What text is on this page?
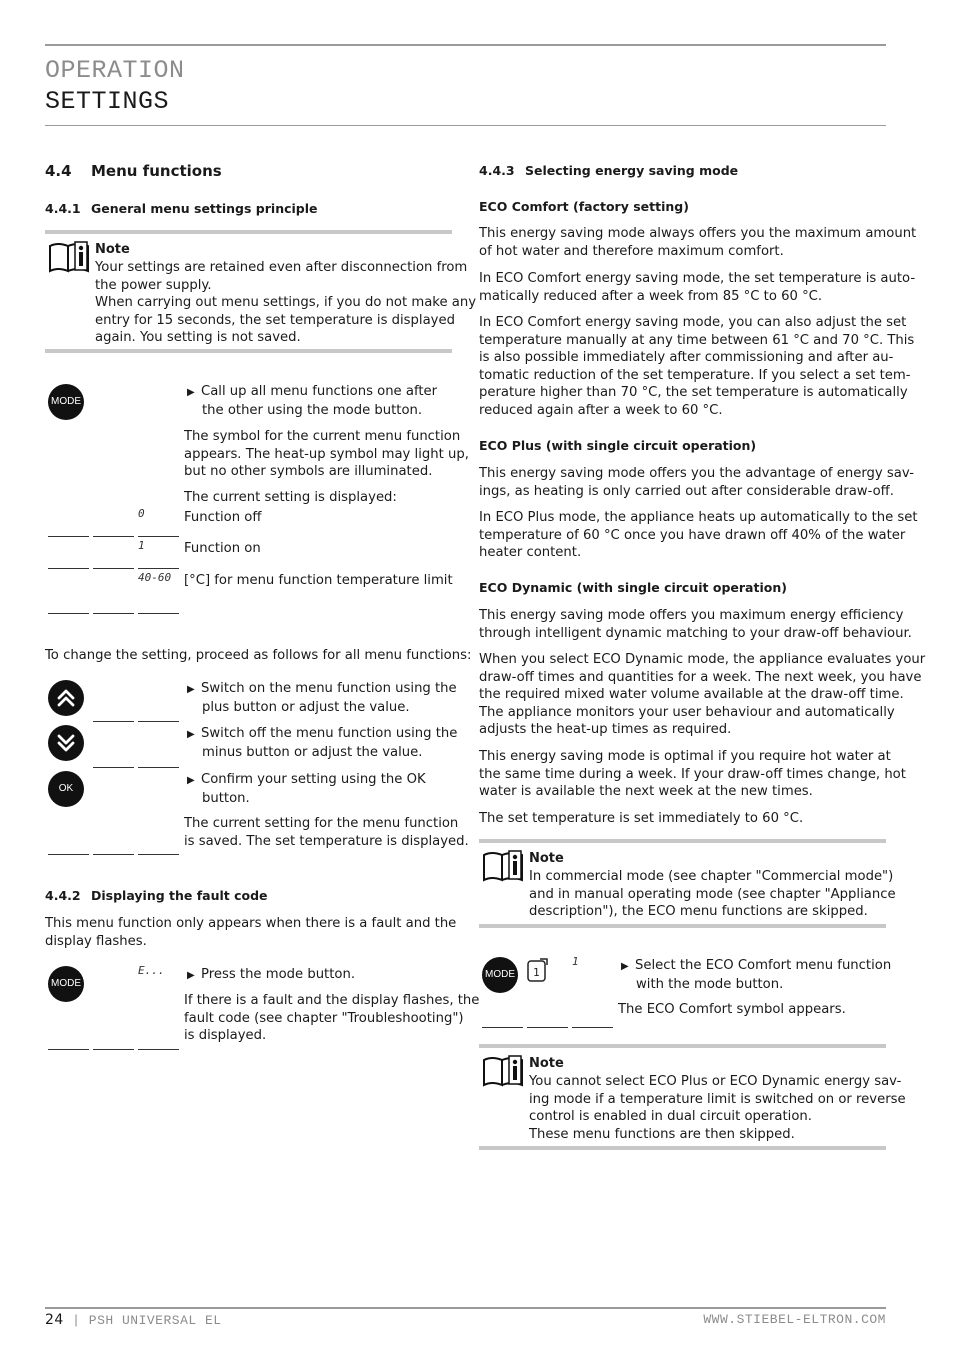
OPERATION
SETTINGS
4.4 Menu functions
4.4.1 General menu settings principle
Note
Your settings are retained even after disconnection from
the power supply.
When carrying out menu settings, if you do not make any
entry for 15 seconds, the set temperature is displayed
again. You setting is not saved.
MODE
▶ Call up all menu functions one after
the other using the mode button.
The symbol for the current menu function
appears. The heat-up symbol may light up,
but no other symbols are illuminated.
The current setting is displayed:
0	Function off
1	Function on
40-60 [°C] for menu function temperature limit
To change the setting, proceed as follows for all menu functions:
▶ Switch on the menu function using the
plus button or adjust the value.
▶ Switch off the menu function using the
minus button or adjust the value.
OK
▶ Confirm your setting using the OK
button.
The current setting for the menu function
is saved. The set temperature is displayed.
4.4.2 Displaying the fault code
This menu function only appears when there is a fault and the
display flashes.
MODE
E... ▶ Press the mode button.
If there is a fault and the display flashes, the
fault code (see chapter "Troubleshooting")
is displayed.
4.4.3 Selecting energy saving mode
ECO Comfort (factory setting)
This energy saving mode always offers you the maximum amount
of hot water and therefore maximum comfort.
In ECO Comfort energy saving mode, the set temperature is auto-
matically reduced after a week from 85 °C to 60 °C.
In ECO Comfort energy saving mode, you can also adjust the set
temperature manually at any time between 61 °C and 70 °C. This
is also possible immediately after commissioning and after au-
tomatic reduction of the set temperature. If you select a set tem-
perature higher than 70 °C, the set temperature is automatically
reduced again after a week to 60 °C.
ECO Plus (with single circuit operation)
This energy saving mode offers you the advantage of energy sav-
ings, as heating is only carried out after considerable draw-off.
In ECO Plus mode, the appliance heats up automatically to the set
temperature of 60 °C once you have drawn off 40% of the water
heater content.
ECO Dynamic (with single circuit operation)
This energy saving mode offers you maximum energy efficiency
through intelligent dynamic matching to your draw-off behaviour.
When you select ECO Dynamic mode, the appliance evaluates your
draw-off times and quantities for a week. The next week, you have
the required mixed water volume available at the draw-off time.
The appliance monitors your user behaviour and automatically
adjusts the heat-up times as required.
This energy saving mode is optimal if you require hot water at
the same time during a week. If your draw-off times change, hot
water is available the next week at the new times.
The set temperature is set immediately to 60 °C.
Note
In commercial mode (see chapter "Commercial mode")
and in manual operating mode (see chapter "Appliance
description"), the ECO menu functions are skipped.
MODE 1
1	▶ Select the ECO Comfort menu function
with the mode button.
The ECO Comfort symbol appears.
Note
You cannot select ECO Plus or ECO Dynamic energy sav-
ing mode if a temperature limit is switched on or reverse
control is enabled in dual circuit operation.
These menu functions are then skipped.
24 | PSH UNIVERSAL EL	WWW.STIEBEL-ELTRON.COM
